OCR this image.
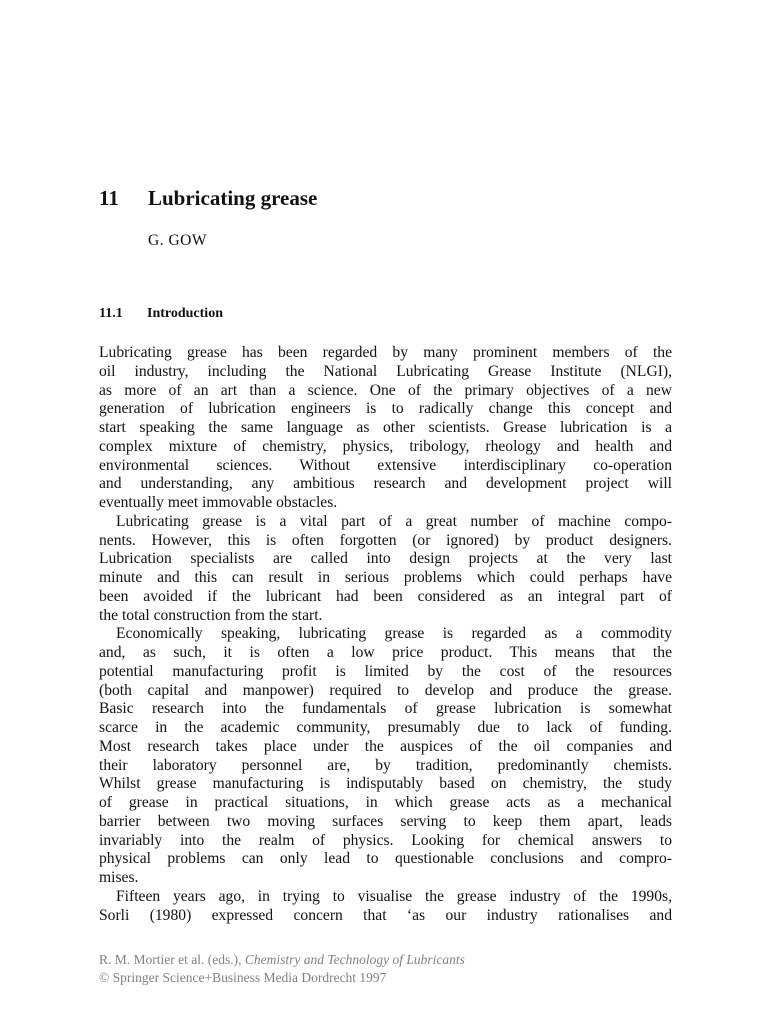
11 Lubricating grease
G. GOW
11.1 Introduction
Lubricating grease has been regarded by many prominent members of the
oil industry, including the National Lubricating Grease Institute (NLGI),
as more of an art than a science. One of the primary objectives of a new
generation of lubrication engineers is to radically change this concept and
start speaking the same language as other scientists. Grease lubrication is a
complex mixture of chemistry, physics, tribology, rheology and health and
environmental sciences. Without extensive interdisciplinary co-operation
and understanding, any ambitious research and development project will
eventually meet immovable obstacles.
Lubricating grease is a vital part of a great number of machine compo-
nents. However, this is often forgotten (or ignored) by product designers.
Lubrication specialists are called into design projects at the very last
minute and this can result in serious problems which could perhaps have
been avoided if the lubricant had been considered as an integral part of
the total construction from the start.
Economically speaking, lubricating grease is regarded as a commodity
and, as such, it is often a low price product. This means that the
potential manufacturing profit is limited by the cost of the resources
(both capital and manpower) required to develop and produce the grease.
Basic research into the fundamentals of grease lubrication is somewhat
scarce in the academic community, presumably due to lack of funding.
Most research takes place under the auspices of the oil companies and
their laboratory personnel are, by tradition, predominantly chemists.
Whilst grease manufacturing is indisputably based on chemistry, the study
of grease in practical situations, in which grease acts as a mechanical
barrier between two moving surfaces serving to keep them apart, leads
invariably into the realm of physics. Looking for chemical answers to
physical problems can only lead to questionable conclusions and compro-
mises.
Fifteen years ago, in trying to visualise the grease industry of the 1990s,
Sorli (1980) expressed concern that ‘as our industry rationalises and
R. M. Mortier et al. (eds.), Chemistry and Technology of Lubricants
© Springer Science+Business Media Dordrecht 1997
